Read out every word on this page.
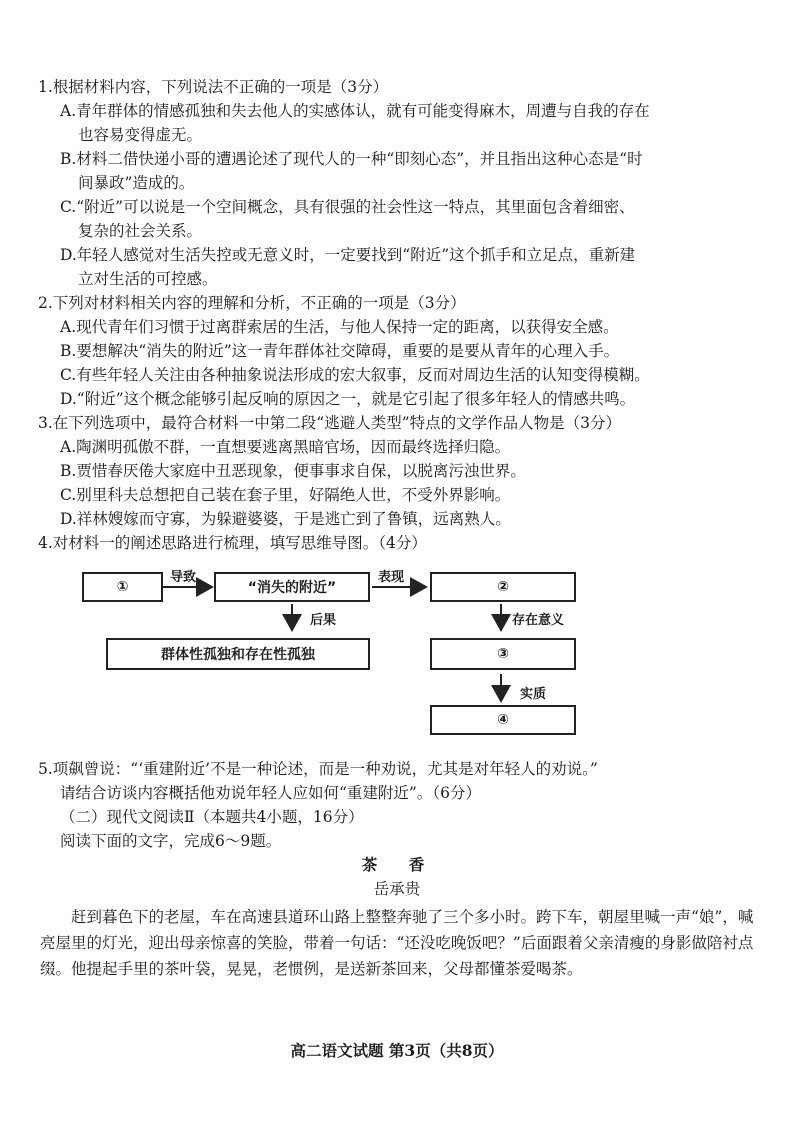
1.根据材料内容，下列说法不正确的一项是（3分）
A.青年群体的情感孤独和失去他人的实感体认，就有可能变得麻木，周遭与自我的存在
也容易变得虚无。
B.材料二借快递小哥的遭遇论述了现代人的一种“即刻心态”，并且指出这种心态是“时
间暴政”造成的。
C.“附近”可以说是一个空间概念，具有很强的社会性这一特点，其里面包含着细密、
复杂的社会关系。
D.年轻人感觉对生活失控或无意义时，一定要找到“附近”这个抓手和立足点，重新建
立对生活的可控感。
2.下列对材料相关内容的理解和分析，不正确的一项是（3分）
A.现代青年们习惯于过离群索居的生活，与他人保持一定的距离，以获得安全感。
B.要想解决“消失的附近”这一青年群体社交障碍，重要的是要从青年的心理入手。
C.有些年轻人关注由各种抽象说法形成的宏大叙事，反而对周边生活的认知变得模糊。
D.“附近”这个概念能够引起反响的原因之一，就是它引起了很多年轻人的情感共鸣。
3.在下列选项中，最符合材料一中第二段“逃避人类型”特点的文学作品人物是（3分）
A.陶渊明孤傲不群，一直想要逃离黑暗官场，因而最终选择归隐。
B.贾惜春厌倦大家庭中丑恶现象，便事事求自保，以脱离污浊世界。
C.别里科夫总想把自己装在套子里，好隔绝人世，不受外界影响。
D.祥林嫂嫁而守寡，为躲避婆婆，于是逃亡到了鲁镇，远离熟人。
4.对材料一的阐述思路进行梳理，填写思维导图。（4分）
①
导致
“消失的附近”
表现
②
后果	存在意义
群体性孤独和存在性孤独	③
实质
④
5.项飙曾说：“‘重建附近’不是一种论述，而是一种劝说，尤其是对年轻人的劝说。”
请结合访谈内容概括他劝说年轻人应如何“重建附近”。（6分）
（二）现代文阅读Ⅱ（本题共4小题，16分）
阅读下面的文字，完成6～9题。
茶　香
岳承贵
赶到暮色下的老屋，车在高速县道环山路上整整奔驰了三个多小时。跨下车，朝屋里喊一声“娘”，喊亮屋里的灯光，迎出母亲惊喜的笑脸，带着一句话：“还没吃晚饭吧？”后面跟着父亲清瘦的身影做陪衬点缀。他提起手里的茶叶袋，晃晃，老惯例，是送新茶回来，父母都懂茶爱喝茶。
高二语文试题 第3页（共8页）
